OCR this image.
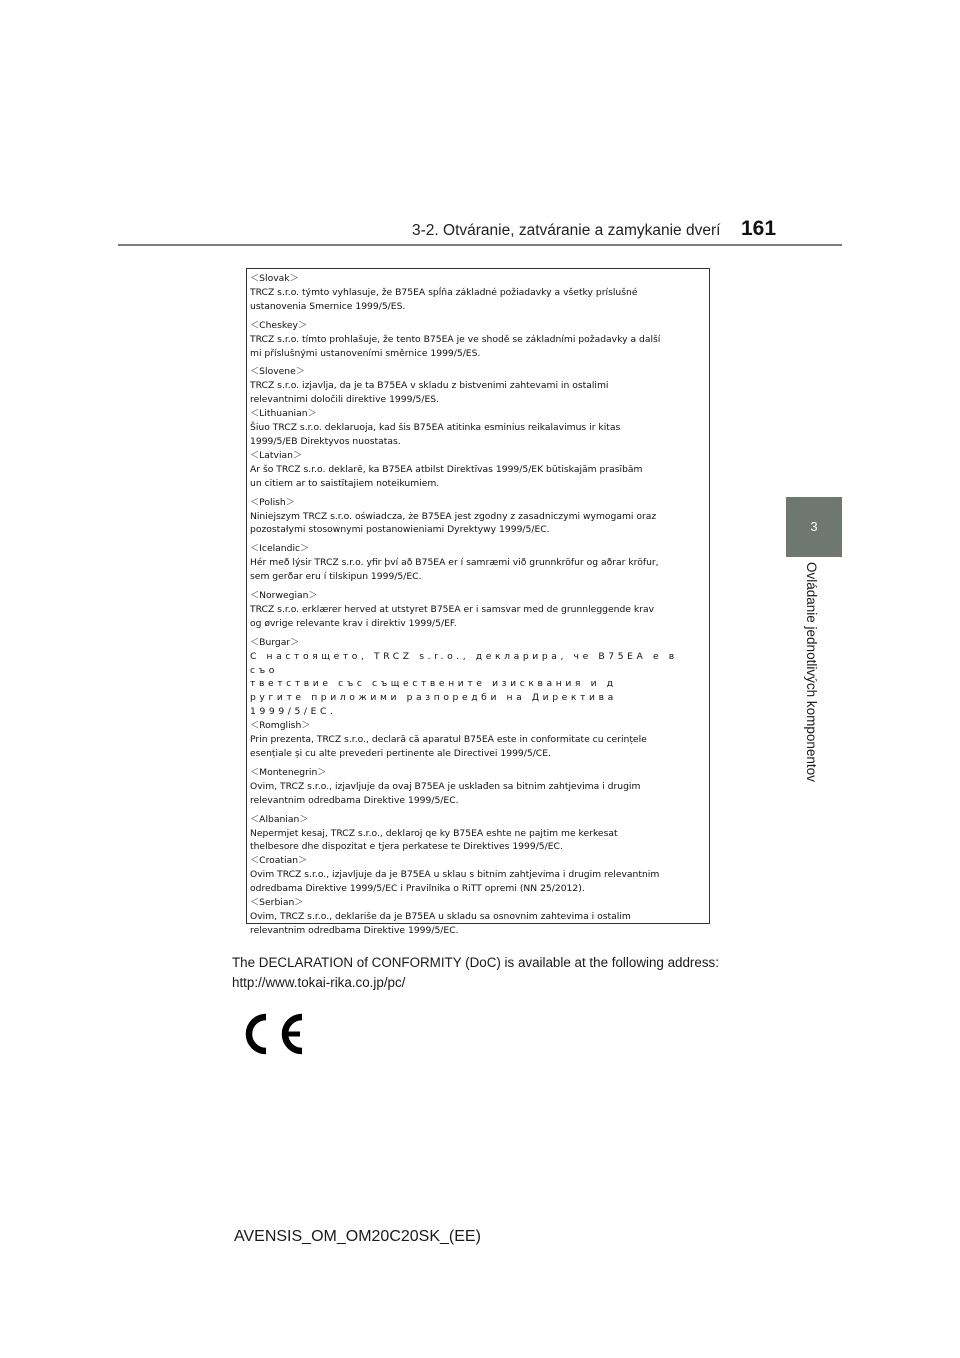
3-2. Otváranie, zatváranie a zamykanie dverí 161
3
Ovládanie jednotlivých komponentov
＜Slovak＞
TRCZ s.r.o. týmto vyhlasuje, že B75EA spĺňa základné požiadavky a všetky príslušné
ustanovenia Smernice 1999/5/ES.
＜Cheskey＞
TRCZ s.r.o. tímto prohlašuje, že tento B75EA je ve shodě se základními požadavky a další
mi příslušnými ustanoveními směrnice 1999/5/ES.
＜Slovene＞
TRCZ s.r.o. izjavlja, da je ta B75EA v skladu z bistvenimi zahtevami in ostalimi
relevantnimi določili direktive 1999/5/ES.
＜Lithuanian＞
Šiuo TRCZ s.r.o. deklaruoja, kad šis B75EA atitinka esminius reikalavimus ir kitas
1999/5/EB Direktyvos nuostatas.
＜Latvian＞
Ar šo TRCZ s.r.o. deklarē, ka B75EA atbilst Direktīvas 1999/5/EK būtiskajām prasībām
un citiem ar to saistītajiem noteikumiem.
＜Polish＞
Niniejszym TRCZ s.r.o. oświadcza, że B75EA jest zgodny z zasadniczymi wymogami oraz
pozostałymi stosownymi postanowieniami Dyrektywy 1999/5/EC.
＜Icelandic＞
Hér með lýsir TRCZ s.r.o. yfir því að B75EA er í samræmi við grunnkröfur og aðrar kröfur,
sem gerðar eru í tilskipun 1999/5/EC.
＜Norwegian＞
TRCZ s.r.o. erklærer herved at utstyret B75EA er i samsvar med de grunnleggende krav
og øvrige relevante krav i direktiv 1999/5/EF.
＜Burgar＞
С настоящето, TRCZ s.r.o., декларира, че B75EA е в съо
тветствие със съществените изисквания и д
ругите приложими разпоредби на Директива
1999/5/ЕС.
＜Romglish＞
Prin prezenta, TRCZ s.r.o., declară că aparatul B75EA este in conformitate cu cerințele
esențiale și cu alte prevederi pertinente ale Directivei 1999/5/CE.
＜Montenegrin＞
Ovim, TRCZ s.r.o., izjavljuje da ovaj B75EA je usklađen sa bitnim zahtjevima i drugim
relevantnim odredbama Direktive 1999/5/EC.
＜Albanian＞
Nepermjet kesaj, TRCZ s.r.o., deklaroj qe ky B75EA eshte ne pajtim me kerkesat
thelbesore dhe dispozitat e tjera perkatese te Direktives 1999/5/EC.
＜Croatian＞
Ovim TRCZ s.r.o., izjavljuje da je B75EA u sklau s bitnim zahtjevima i drugim relevantnim
odredbama Direktive 1999/5/EC i Pravilnika o RiTT opremi (NN 25/2012).
＜Serbian＞
Ovim, TRCZ s.r.o., deklariše da je B75EA u skladu sa osnovnim zahtevima i ostalim
relevantnim odredbama Direktive 1999/5/EC.
The DECLARATION of CONFORMITY (DoC) is available at the following address:
http://www.tokai-rika.co.jp/pc/
AVENSIS_OM_OM20C20SK_(EE)
